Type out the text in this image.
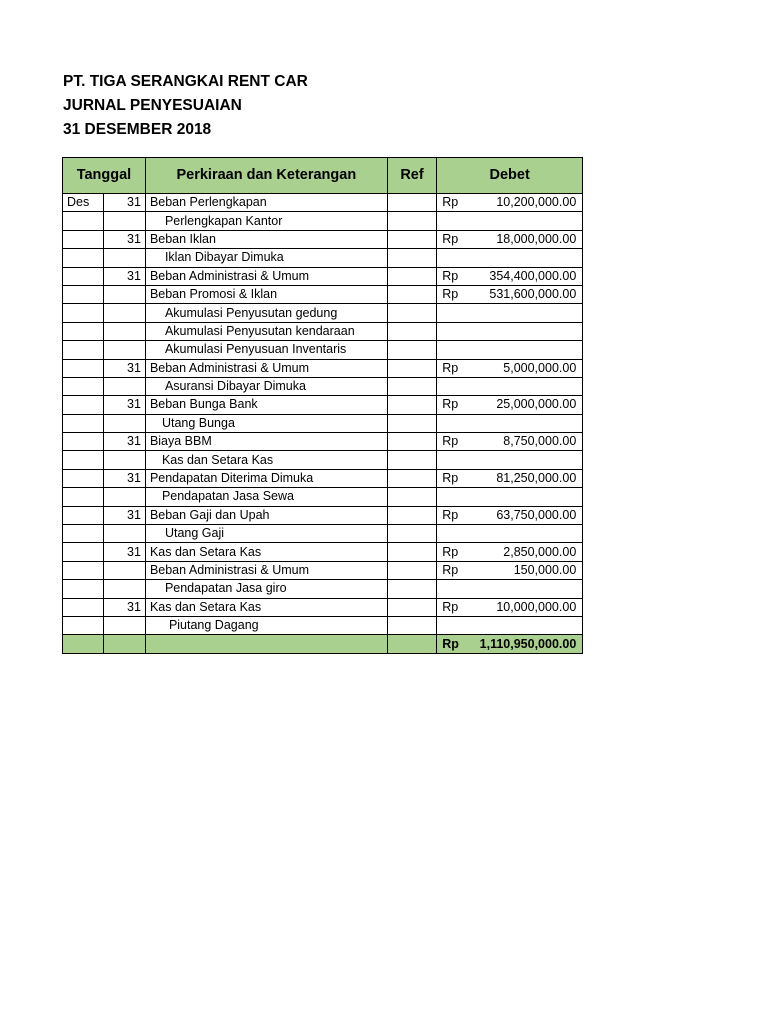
PT. TIGA SERANGKAI RENT CAR
JURNAL PENYESUAIAN
31 DESEMBER 2018
Tanggal		Perkiraan dan Keterangan	Ref	Debet

Des	31	Beban Perlengkapan		Rp 10,200,000.00
		Perlengkapan Kantor		
	31	Beban Iklan		Rp 18,000,000.00
		Iklan Dibayar Dimuka		
	31	Beban Administrasi & Umum		Rp 354,400,000.00
		Beban Promosi & Iklan		Rp 531,600,000.00
		Akumulasi Penyusutan gedung		
		Akumulasi Penyusutan kendaraan		
		Akumulasi Penyusuan Inventaris		
	31	Beban Administrasi & Umum		Rp 5,000,000.00
		Asuransi Dibayar Dimuka		
	31	Beban Bunga Bank		Rp 25,000,000.00
		Utang Bunga		
	31	Biaya BBM		Rp 8,750,000.00
		Kas dan Setara Kas		
	31	Pendapatan Diterima Dimuka		Rp 81,250,000.00
		Pendapatan Jasa Sewa		
	31	Beban Gaji dan Upah		Rp 63,750,000.00
		Utang Gaji		
	31	Kas dan Setara Kas		Rp 2,850,000.00
		Beban Administrasi & Umum		Rp 150,000.00
		Pendapatan Jasa giro		
	31	Kas dan Setara Kas		Rp 10,000,000.00
		Piutang Dagang		
				Rp 1,110,950,000.00
